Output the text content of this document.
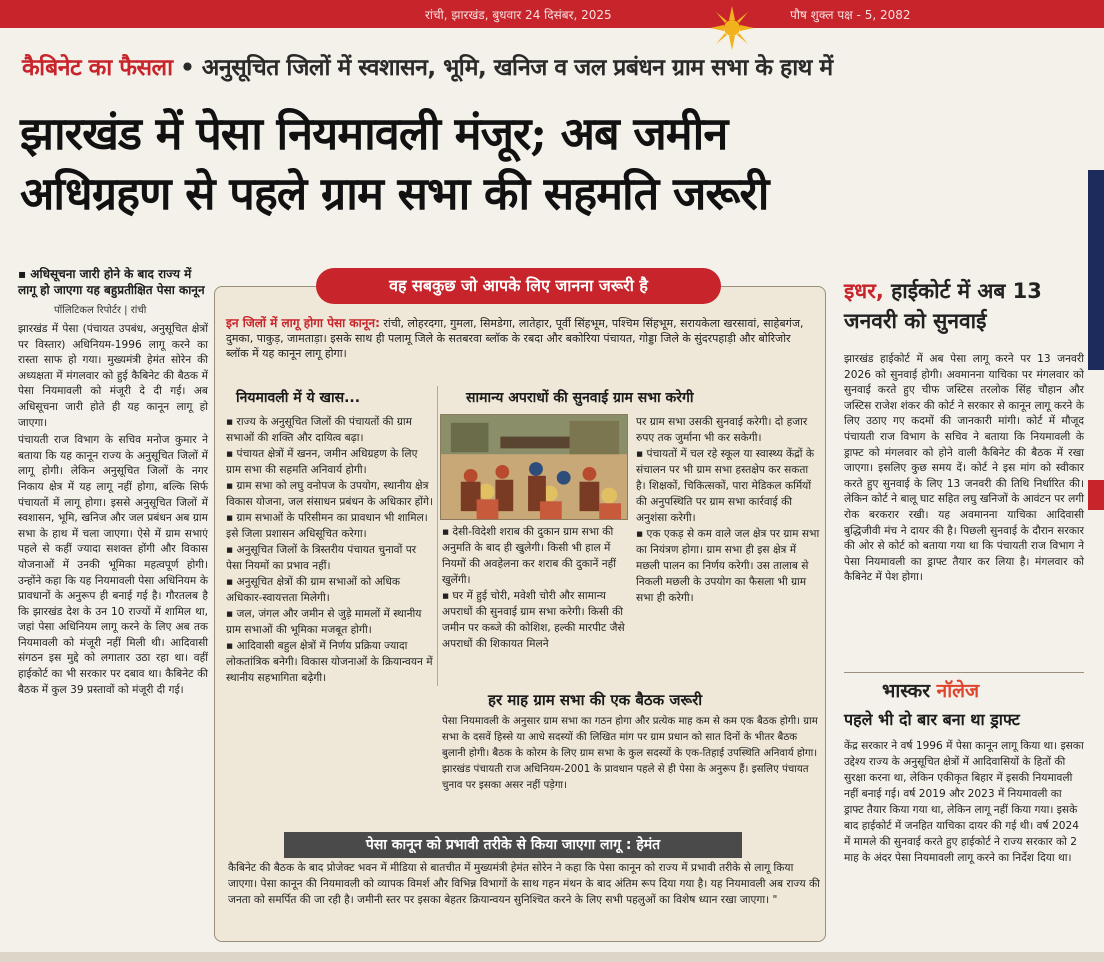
रांची, झारखंड, बुधवार 24 दिसंबर, 2025	पौष शुक्ल पक्ष - 5, 2082
कैबिनेट का फैसला • अनुसूचित जिलों में स्वशासन, भूमि, खनिज व जल प्रबंधन ग्राम सभा के हाथ में
झारखंड में पेसा नियमावली मंजूर; अब जमीन
अधिग्रहण से पहले ग्राम सभा की सहमति जरूरी
▪ अधिसूचना जारी होने के बाद राज्य में लागू हो जाएगा यह बहुप्रतीक्षित पेसा कानून
पॉलिटिकल रिपोर्टर | रांची

झारखंड में पेसा (पंचायत उपबंध, अनुसूचित क्षेत्रों पर विस्तार) अधिनियम-1996 लागू करने का रास्ता साफ हो गया। मुख्यमंत्री हेमंत सोरेन की अध्यक्षता में मंगलवार को हुई कैबिनेट की बैठक में पेसा नियमावली को मंजूरी दे दी गई। अब अधिसूचना जारी होते ही यह कानून लागू हो जाएगा।

पंचायती राज विभाग के सचिव मनोज कुमार ने बताया कि यह कानून राज्य के अनुसूचित जिलों में लागू होगी। लेकिन अनुसूचित जिलों के नगर निकाय क्षेत्र में यह लागू नहीं होगा, बल्कि सिर्फ पंचायतों में लागू होगा। इससे अनुसूचित जिलों में स्वशासन, भूमि, खनिज और जल प्रबंधन अब ग्राम सभा के हाथ में चला जाएगा। ऐसे में ग्राम सभाएं पहले से कहीं ज्यादा सशक्त होंगी और विकास योजनाओं में उनकी भूमिका महत्वपूर्ण होगी। उन्होंने कहा कि यह नियमावली पेसा अधिनियम के प्रावधानों के अनुरूप ही बनाई गई है। गौरतलब है कि झारखंड देश के उन 10 राज्यों में शामिल था, जहां पेसा अधिनियम लागू करने के लिए अब तक नियमावली को मंजूरी नहीं मिली थी। आदिवासी संगठन इस मुद्दे को लगातार उठा रहा था। वहीं हाईकोर्ट का भी सरकार पर दबाव था। कैबिनेट की बैठक में कुल 39 प्रस्तावों को मंजूरी दी गई।

वह सबकुछ जो आपके लिए जानना जरूरी है
इन जिलों में लागू होगा पेसा कानून: रांची, लोहरदगा, गुमला, सिमडेगा, लातेहार, पूर्वी सिंहभूम, पश्चिम सिंहभूम, सरायकेला खरसावां, साहेबगंज, दुमका, पाकुड़, जामताड़ा। इसके साथ ही पलामू जिले के सतबरवा ब्लॉक के रबदा और बकोरिया पंचायत, गोड्डा जिले के सुंदरपहाड़ी और बोरिजोर ब्लॉक में यह कानून लागू होगा।
नियमावली में ये खास...
▪ राज्य के अनुसूचित जिलों की पंचायतों की ग्राम सभाओं की शक्ति और दायित्व बढ़ा।
▪ पंचायत क्षेत्रों में खनन, जमीन अधिग्रहण के लिए ग्राम सभा की सहमति अनिवार्य होगी।
▪ ग्राम सभा को लघु वनोपज के उपयोग, स्थानीय क्षेत्र विकास योजना, जल संसाधन प्रबंधन के अधिकार होंगे।
▪ ग्राम सभाओं के परिसीमन का प्रावधान भी शामिल। इसे जिला प्रशासन अधिसूचित करेगा।
▪ अनुसूचित जिलों के त्रिस्तरीय पंचायत चुनावों पर पेसा नियमों का प्रभाव नहीं।
▪ अनुसूचित क्षेत्रों की ग्राम सभाओं को अधिक अधिकार-स्वायत्तता मिलेगी।
▪ जल, जंगल और जमीन से जुड़े मामलों में स्थानीय ग्राम सभाओं की भूमिका मजबूत होगी।
▪ आदिवासी बहुल क्षेत्रों में निर्णय प्रक्रिया ज्यादा लोकतांत्रिक बनेगी। विकास योजनाओं के क्रियान्वयन में स्थानीय सहभागिता बढ़ेगी।
सामान्य अपराधों की सुनवाई ग्राम सभा करेगी
▪ देसी-विदेशी शराब की दुकान ग्राम सभा की अनुमति के बाद ही खुलेगी। किसी भी हाल में नियमों की अवहेलना कर शराब की दुकानें नहीं खुलेंगी।
▪ घर में हुई चोरी, मवेशी चोरी और सामान्य अपराधों की सुनवाई ग्राम सभा करेगी। किसी की जमीन पर कब्जे की कोशिश, हल्की मारपीट जैसे अपराधों की शिकायत मिलने
पर ग्राम सभा उसकी सुनवाई करेगी। दो हजार रुपए तक जुर्माना भी कर सकेगी।
▪ पंचायतों में चल रहे स्कूल या स्वास्थ्य केंद्रों के संचालन पर भी ग्राम सभा हस्तक्षेप कर सकता है। शिक्षकों, चिकित्सकों, पारा मेडिकल कर्मियों की अनुपस्थिति पर ग्राम सभा कार्रवाई की अनुशंसा करेगी।
▪ एक एकड़ से कम वाले जल क्षेत्र पर ग्राम सभा का नियंत्रण होगा। ग्राम सभा ही इस क्षेत्र में मछली पालन का निर्णय करेगी। उस तालाब से निकली मछली के उपयोग का फैसला भी ग्राम सभा ही करेगी।
हर माह ग्राम सभा की एक बैठक जरूरी
पेसा नियमावली के अनुसार ग्राम सभा का गठन होगा और प्रत्येक माह कम से कम एक बैठक होगी। ग्राम सभा के दसवें हिस्से या आधे सदस्यों की लिखित मांग पर ग्राम प्रधान को सात दिनों के भीतर बैठक बुलानी होगी। बैठक के कोरम के लिए ग्राम सभा के कुल सदस्यों के एक-तिहाई उपस्थिति अनिवार्य होगा। झारखंड पंचायती राज अधिनियम-2001 के प्रावधान पहले से ही पेसा के अनुरूप हैं। इसलिए पंचायत चुनाव पर इसका असर नहीं पड़ेगा।
पेसा कानून को प्रभावी तरीके से किया जाएगा लागू : हेमंत
कैबिनेट की बैठक के बाद प्रोजेक्ट भवन में मीडिया से बातचीत में मुख्यमंत्री हेमंत सोरेन ने कहा कि पेसा कानून को राज्य में प्रभावी तरीके से लागू किया जाएगा। पेसा कानून की नियमावली को व्यापक विमर्श और विभिन्न विभागों के साथ गहन मंथन के बाद अंतिम रूप दिया गया है। यह नियमावली अब राज्य की जनता को समर्पित की जा रही है। जमीनी स्तर पर इसका बेहतर क्रियान्वयन सुनिश्चित करने के लिए सभी पहलुओं का विशेष ध्यान रखा जाएगा। "
इधर, हाईकोर्ट में अब 13 जनवरी को सुनवाई
झारखंड हाईकोर्ट में अब पेसा लागू करने पर 13 जनवरी 2026 को सुनवाई होगी। अवमानना याचिका पर मंगलवार को सुनवाई करते हुए चीफ जस्टिस तरलोक सिंह चौहान और जस्टिस राजेश शंकर की कोर्ट ने सरकार से कानून लागू करने के लिए उठाए गए कदमों की जानकारी मांगी। कोर्ट में मौजूद पंचायती राज विभाग के सचिव ने बताया कि नियमावली के ड्राफ्ट को मंगलवार को होने वाली कैबिनेट की बैठक में रखा जाएगा। इसलिए कुछ समय दें। कोर्ट ने इस मांग को स्वीकार करते हुए सुनवाई के लिए 13 जनवरी की तिथि निर्धारित की। लेकिन कोर्ट ने बालू घाट सहित लघु खनिजों के आवंटन पर लगी रोक बरकरार रखी। यह अवमानना याचिका आदिवासी बुद्धिजीवी मंच ने दायर की है। पिछली सुनवाई के दौरान सरकार की ओर से कोर्ट को बताया गया था कि पंचायती राज विभाग ने पेसा नियमावली का ड्राफ्ट तैयार कर लिया है। मंगलवार को कैबिनेट में पेश होगा।
भास्कर नॉलेज
पहले भी दो बार बना था ड्राफ्ट
केंद्र सरकार ने वर्ष 1996 में पेसा कानून लागू किया था। इसका उद्देश्य राज्य के अनुसूचित क्षेत्रों में आदिवासियों के हितों की सुरक्षा करना था, लेकिन एकीकृत बिहार में इसकी नियमावली नहीं बनाई गई। वर्ष 2019 और 2023 में नियमावली का ड्राफ्ट तैयार किया गया था, लेकिन लागू नहीं किया गया। इसके बाद हाईकोर्ट में जनहित याचिका दायर की गई थी। वर्ष 2024 में मामले की सुनवाई करते हुए हाईकोर्ट ने राज्य सरकार को 2 माह के अंदर पेसा नियमावली लागू करने का निर्देश दिया था।
